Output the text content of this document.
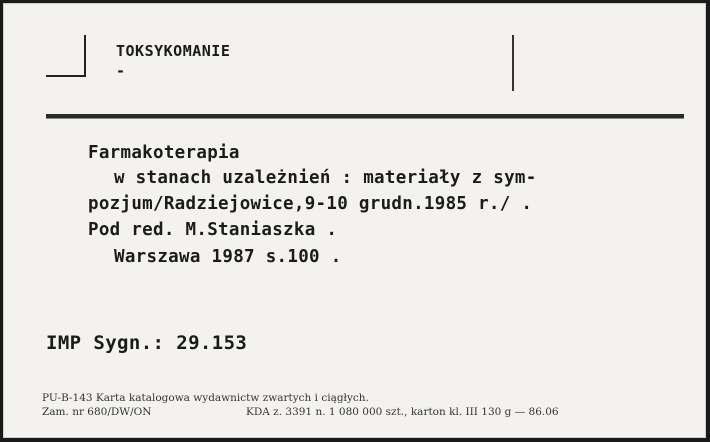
TOKSYKOMANIE
-
Farmakoterapia
w stanach uzależnień : materiały z sym-
pozjum/Radziejowice,9-10 grudn.1985 r./ .
Pod red. M.Staniaszka .
Warszawa 1987 s.100 .
IMP Sygn.: 29.153
PU-B-143 Karta katalogowa wydawnictw zwartych i ciągłych.
Zam. nr 680/DW/ON	KDA z. 3391 n. 1 080 000 szt., karton kl. III 130 g — 86.06
